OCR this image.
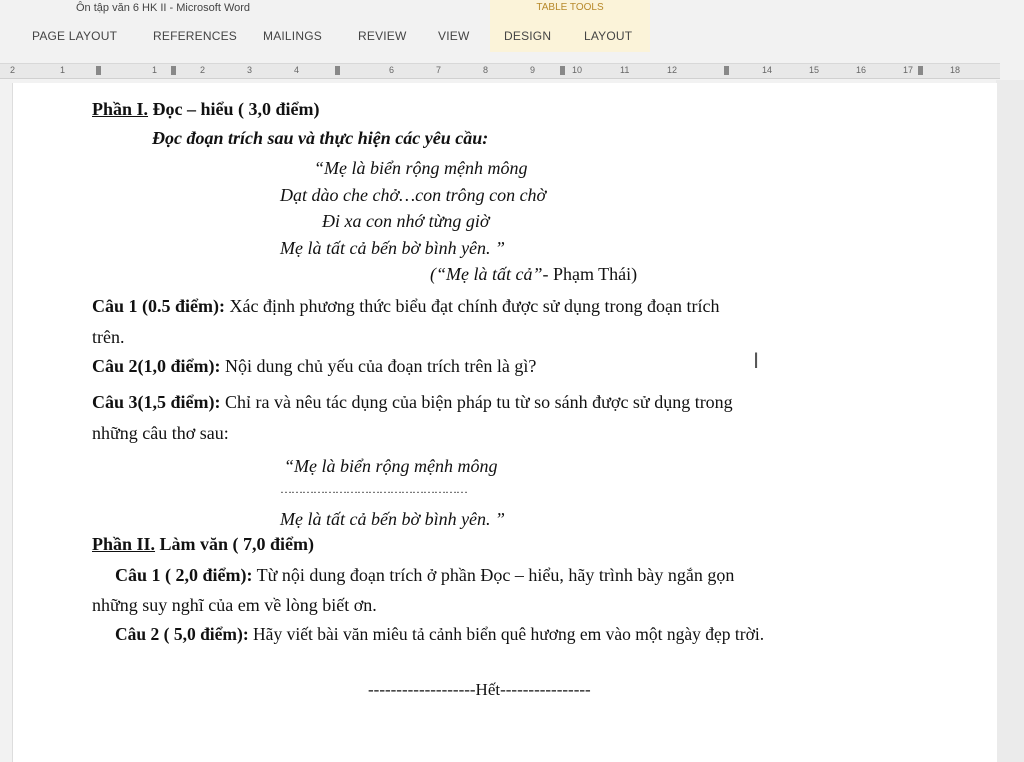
Ôn tập văn 6 HK II - Microsoft Word	TABLE TOOLS
PAGE LAYOUT	REFERENCES MAILINGS	REVIEW	VIEW	DESIGN	LAYOUT
2	1	1	2	3	4	6	7	8	9	10	11	12	14	15	16	17	18
Phần I. Đọc – hiểu ( 3,0 điểm)
Đọc đoạn trích sau và thực hiện các yêu cầu:
“Mẹ là biển rộng mệnh mông
Dạt dào che chở…con trông con chờ
Đi xa con nhớ từng giờ
Mẹ là tất cả bến bờ bình yên. ”
(“Mẹ là tất cả”- Phạm Thái)
Câu 1 (0.5 điểm): Xác định phương thức biểu đạt chính được sử dụng trong đoạn trích
trên.
Câu 2(1,0 điểm): Nội dung chủ yếu của đoạn trích trên là gì?
Câu 3(1,5 điểm): Chỉ ra và nêu tác dụng của biện pháp tu từ so sánh được sử dụng trong
những câu thơ sau:
“Mẹ là biển rộng mệnh mông
……………………………………………
Mẹ là tất cả bến bờ bình yên. ”
Phần II. Làm văn ( 7,0 điểm)
Câu 1 ( 2,0 điểm): Từ nội dung đoạn trích ở phần Đọc – hiểu, hãy trình bày ngắn gọn
những suy nghĩ của em về lòng biết ơn.
Câu 2 ( 5,0 điểm): Hãy viết bài văn miêu tả cảnh biển quê hương em vào một ngày đẹp trời.
-------------------Hết----------------
I
